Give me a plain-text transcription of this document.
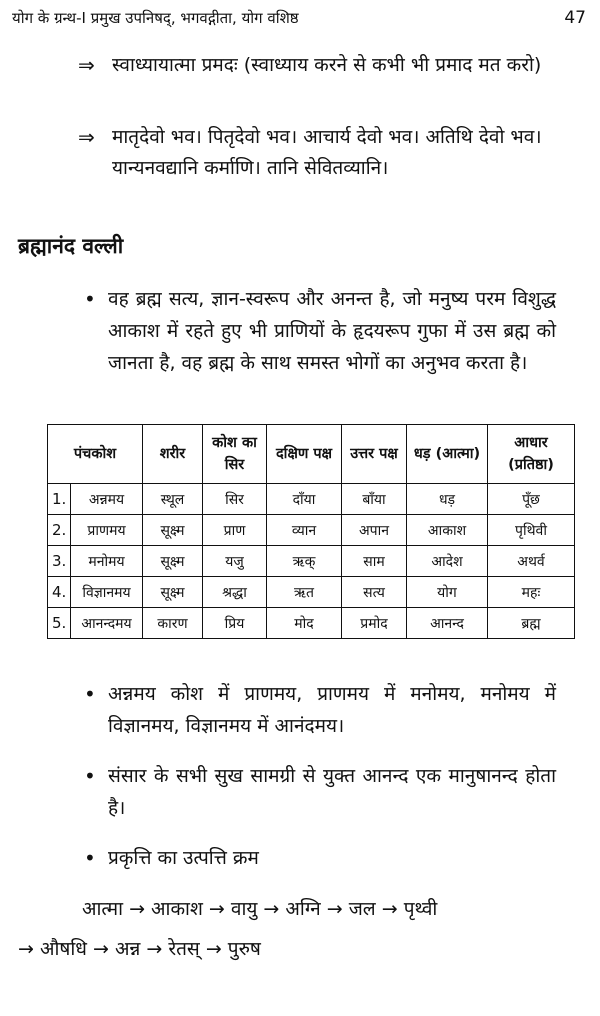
योग के ग्रन्थ-I प्रमुख उपनिषद्, भगवद्गीता, योग वशिष्ठ	47
⇒ स्वाध्यायात्मा प्रमदः (स्वाध्याय करने से कभी भी प्रमाद मत करो)
⇒ मातृदेवो भव। पितृदेवो भव। आचार्य देवो भव। अतिथि देवो भव। यान्यनवद्यानि कर्माणि। तानि सेवितव्यानि।
ब्रह्मानंद वल्ली
• वह ब्रह्म सत्य, ज्ञान-स्वरूप और अनन्त है, जो मनुष्य परम विशुद्ध आकाश में रहते हुए भी प्राणियों के हृदयरूप गुफा में उस ब्रह्म को जानता है, वह ब्रह्म के साथ समस्त भोगों का अनुभव करता है।
पंचकोश		शरीर	कोश का सिर	दक्षिण पक्ष	उत्तर पक्ष	धड़ (आत्मा)	आधार (प्रतिष्ठा)
1.	अन्नमय	स्थूल	सिर	दाँया	बाँया	धड़	पूँछ
2.	प्राणमय	सूक्ष्म	प्राण	व्यान	अपान	आकाश	पृथिवी
3.	मनोमय	सूक्ष्म	यजु	ऋक्	साम	आदेश	अथर्व
4.	विज्ञानमय	सूक्ष्म	श्रद्धा	ऋत	सत्य	योग	महः
5.	आनन्दमय	कारण	प्रिय	मोद	प्रमोद	आनन्द	ब्रह्म
• अन्नमय कोश में प्राणमय, प्राणमय में मनोमय, मनोमय में विज्ञानमय, विज्ञानमय में आनंदमय।
• संसार के सभी सुख सामग्री से युक्त आनन्द एक मानुषानन्द होता है।
• प्रकृत्ति का उत्पत्ति क्रम
आत्मा → आकाश → वायु → अग्नि → जल → पृथ्वी
→ औषधि → अन्न → रेतस् → पुरुष
